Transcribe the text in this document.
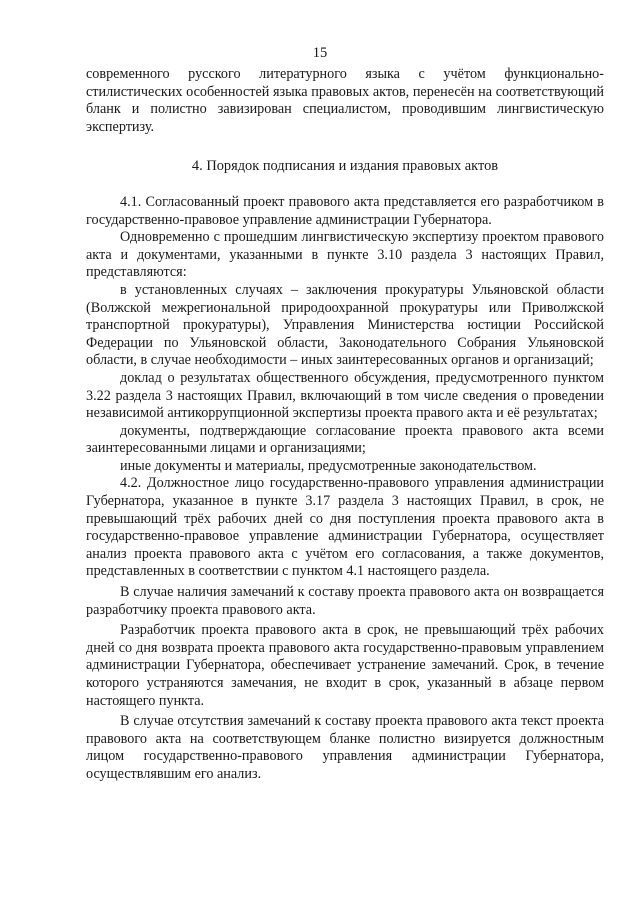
15

современного русского литературного языка с учётом функционально-стилистических особенностей языка правовых актов, перенесён на соответствующий бланк и полистно завизирован специалистом, проводившим лингвистическую экспертизу.

4. Порядок подписания и издания правовых актов

4.1. Согласованный проект правового акта представляется его разработчиком в государственно-правовое управление администрации Губернатора.

Одновременно с прошедшим лингвистическую экспертизу проектом правового акта и документами, указанными в пункте 3.10 раздела 3 настоящих Правил, представляются:

в установленных случаях – заключения прокуратуры Ульяновской области (Волжской межрегиональной природоохранной прокуратуры или Приволжской транспортной прокуратуры), Управления Министерства юстиции Российской Федерации по Ульяновской области, Законодательного Собрания Ульяновской области, в случае необходимости – иных заинтересованных органов и организаций;

доклад о результатах общественного обсуждения, предусмотренного пунктом 3.22 раздела 3 настоящих Правил, включающий в том числе сведения о проведении независимой антикоррупционной экспертизы проекта правого акта и её результатах;

документы, подтверждающие согласование проекта правового акта всеми заинтересованными лицами и организациями;

иные документы и материалы, предусмотренные законодательством.

4.2. Должностное лицо государственно-правового управления администрации Губернатора, указанное в пункте 3.17 раздела 3 настоящих Правил, в срок, не превышающий трёх рабочих дней со дня поступления проекта правового акта в государственно-правовое управление администрации Губернатора, осуществляет анализ проекта правового акта с учётом его согласования, а также документов, представленных в соответствии с пунктом 4.1 настоящего раздела.

В случае наличия замечаний к составу проекта правового акта он возвращается разработчику проекта правового акта.

Разработчик проекта правового акта в срок, не превышающий трёх рабочих дней со дня возврата проекта правового акта государственно-правовым управлением администрации Губернатора, обеспечивает устранение замечаний. Срок, в течение которого устраняются замечания, не входит в срок, указанный в абзаце первом настоящего пункта.

В случае отсутствия замечаний к составу проекта правового акта текст проекта правового акта на соответствующем бланке полистно визируется должностным лицом государственно-правового управления администрации Губернатора, осуществлявшим его анализ.
